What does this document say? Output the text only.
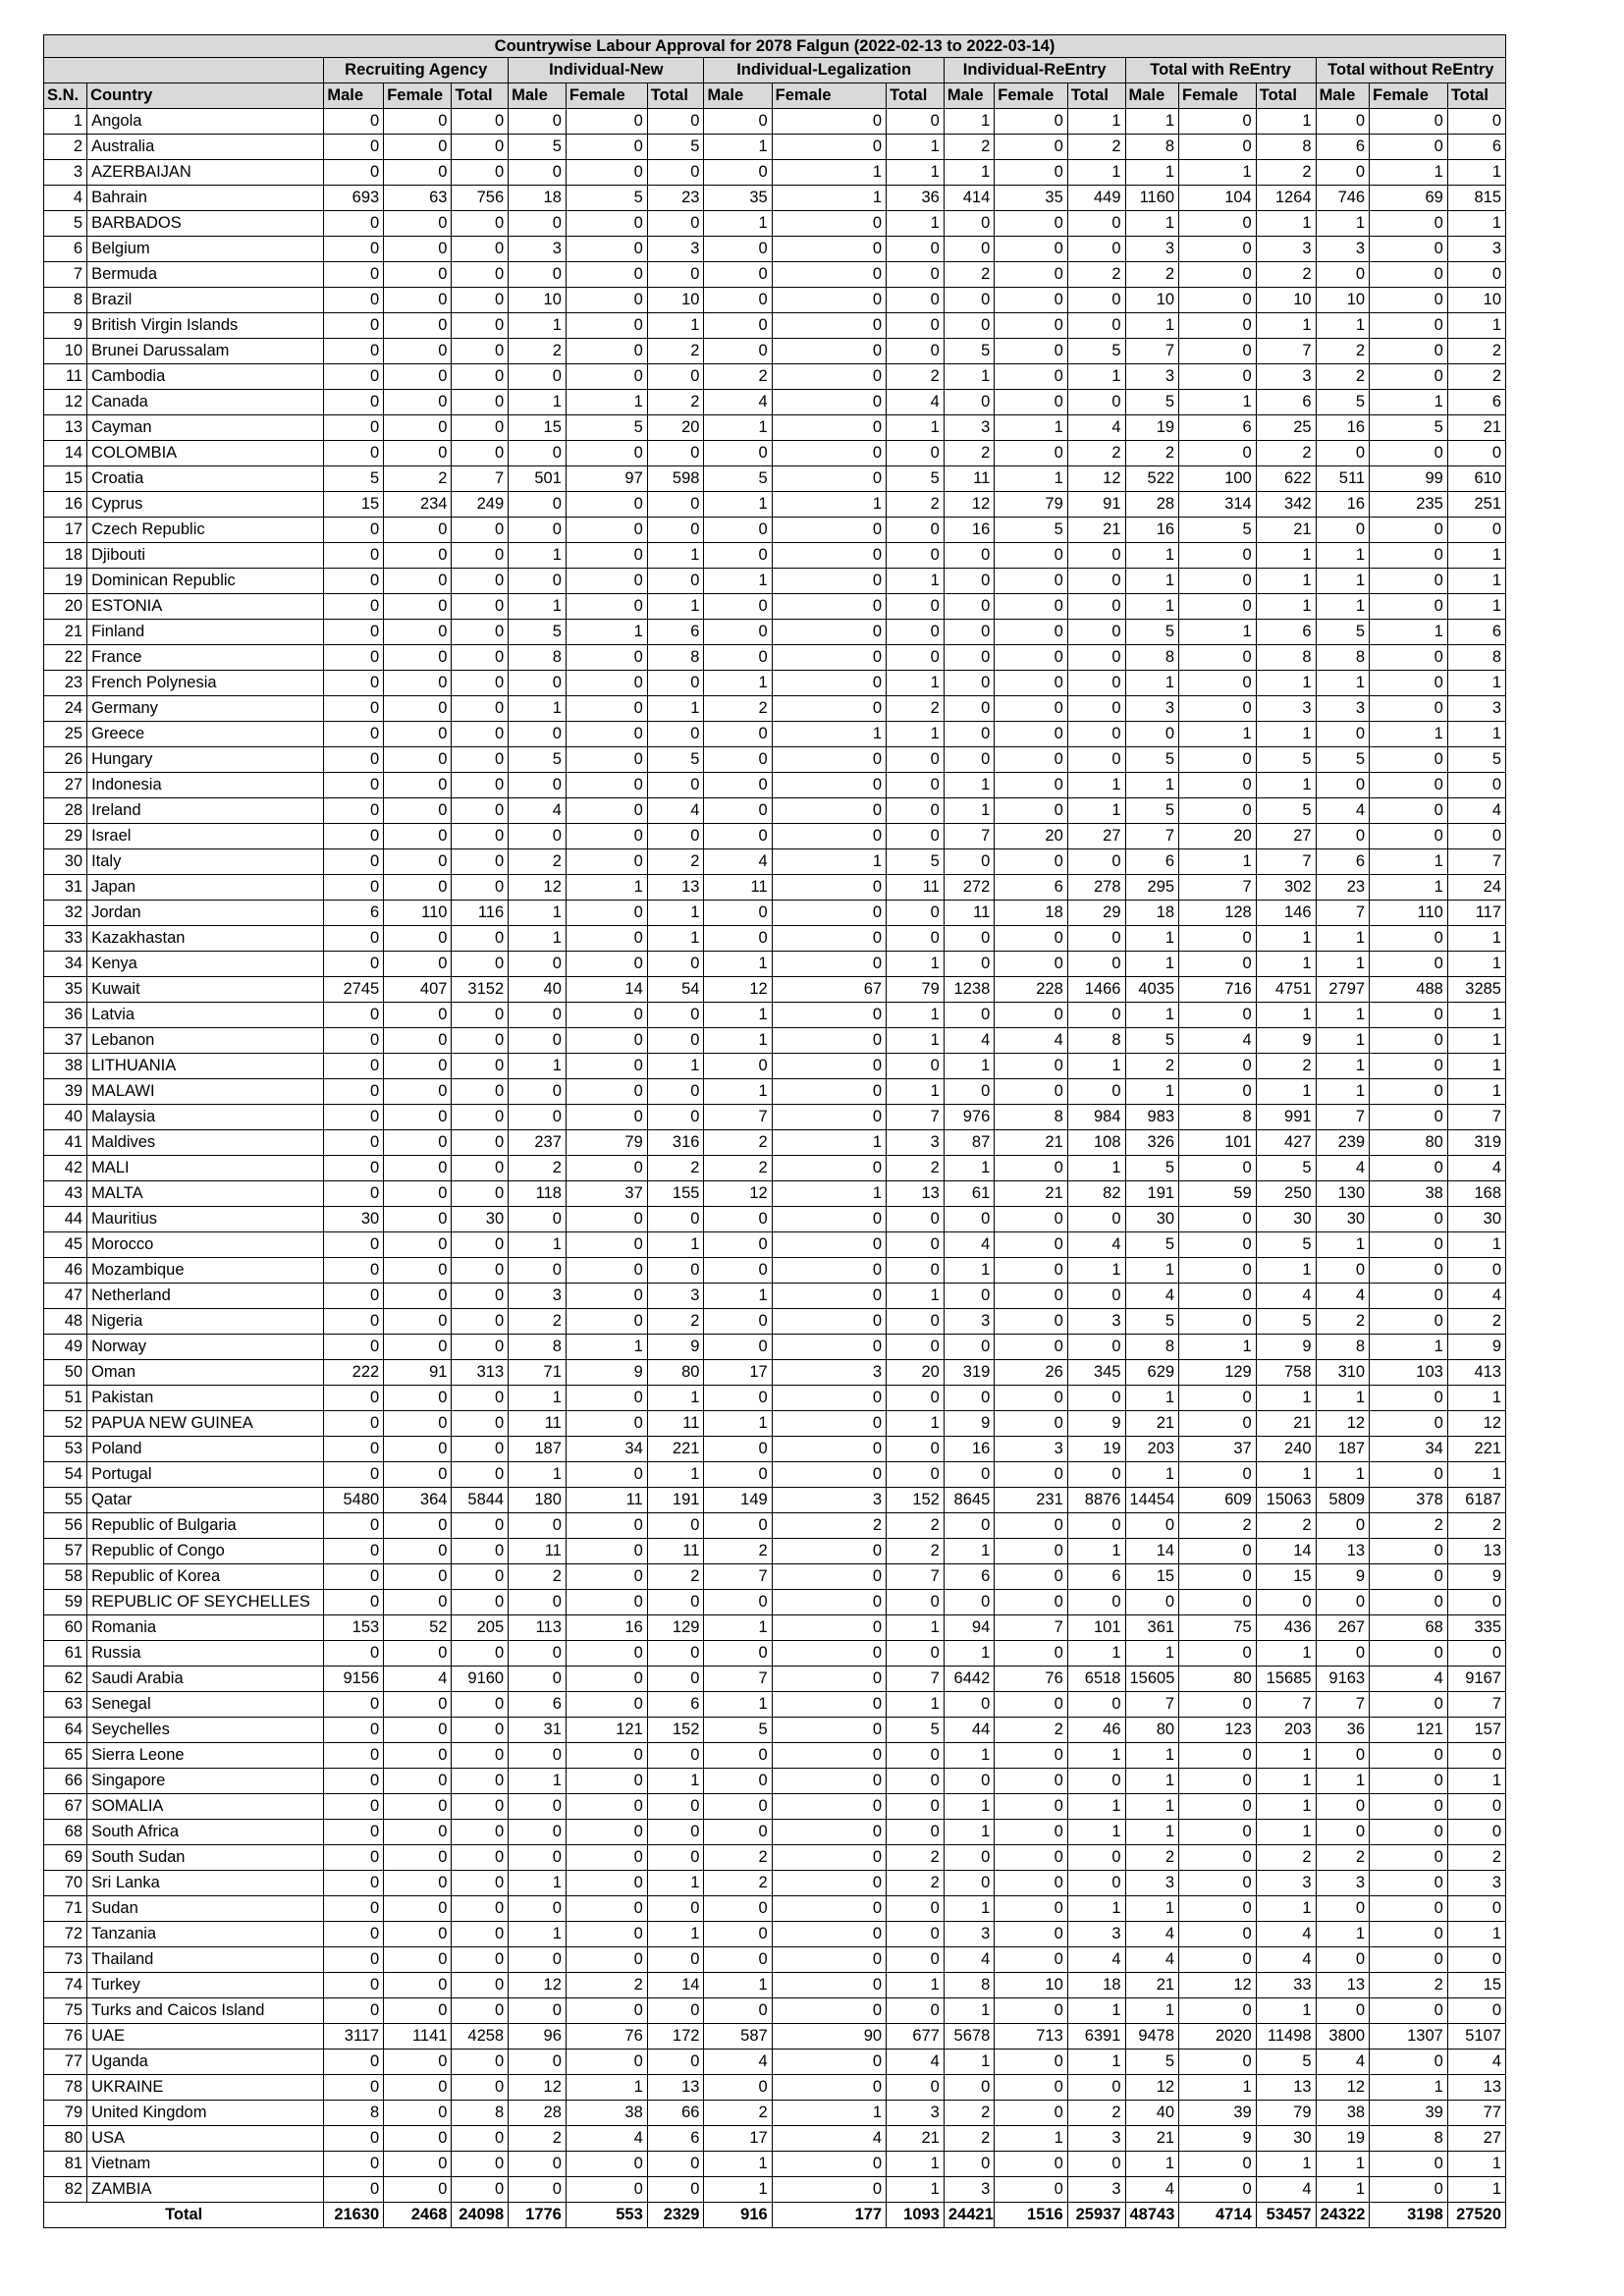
Countrywise Labour Approval for 2078 Falgun (2022-02-13 to 2022-03-14)																			
		Recruiting Agency			Individual-New			Individual-Legalization			Individual-ReEntry			Total with ReEntry			Total without ReEntry		
S.N.	Country	Male	Female	Total	Male	Female	Total	Male	Female	Total	Male	Female	Total	Male	Female	Total	Male	Female	Total
1	Angola	0	0	0	0	0	0	0	0	0	1	0	1	1	0	1	0	0	0
2	Australia	0	0	0	5	0	5	1	0	1	2	0	2	8	0	8	6	0	6
3	AZERBAIJAN	0	0	0	0	0	0	0	1	1	1	0	1	1	1	2	0	1	1
4	Bahrain	693	63	756	18	5	23	35	1	36	414	35	449	1160	104	1264	746	69	815
5	BARBADOS	0	0	0	0	0	0	1	0	1	0	0	0	1	0	1	1	0	1
6	Belgium	0	0	0	3	0	3	0	0	0	0	0	0	3	0	3	3	0	3
7	Bermuda	0	0	0	0	0	0	0	0	0	2	0	2	2	0	2	0	0	0
8	Brazil	0	0	0	10	0	10	0	0	0	0	0	0	10	0	10	10	0	10
9	British Virgin Islands	0	0	0	1	0	1	0	0	0	0	0	0	1	0	1	1	0	1
10	Brunei Darussalam	0	0	0	2	0	2	0	0	0	5	0	5	7	0	7	2	0	2
11	Cambodia	0	0	0	0	0	0	2	0	2	1	0	1	3	0	3	2	0	2
12	Canada	0	0	0	1	1	2	4	0	4	0	0	0	5	1	6	5	1	6
13	Cayman	0	0	0	15	5	20	1	0	1	3	1	4	19	6	25	16	5	21
14	COLOMBIA	0	0	0	0	0	0	0	0	0	2	0	2	2	0	2	0	0	0
15	Croatia	5	2	7	501	97	598	5	0	5	11	1	12	522	100	622	511	99	610
16	Cyprus	15	234	249	0	0	0	1	1	2	12	79	91	28	314	342	16	235	251
17	Czech Republic	0	0	0	0	0	0	0	0	0	16	5	21	16	5	21	0	0	0
18	Djibouti	0	0	0	1	0	1	0	0	0	0	0	0	1	0	1	1	0	1
19	Dominican Republic	0	0	0	0	0	0	1	0	1	0	0	0	1	0	1	1	0	1
20	ESTONIA	0	0	0	1	0	1	0	0	0	0	0	0	1	0	1	1	0	1
21	Finland	0	0	0	5	1	6	0	0	0	0	0	0	5	1	6	5	1	6
22	France	0	0	0	8	0	8	0	0	0	0	0	0	8	0	8	8	0	8
23	French Polynesia	0	0	0	0	0	0	1	0	1	0	0	0	1	0	1	1	0	1
24	Germany	0	0	0	1	0	1	2	0	2	0	0	0	3	0	3	3	0	3
25	Greece	0	0	0	0	0	0	0	1	1	0	0	0	0	1	1	0	1	1
26	Hungary	0	0	0	5	0	5	0	0	0	0	0	0	5	0	5	5	0	5
27	Indonesia	0	0	0	0	0	0	0	0	0	1	0	1	1	0	1	0	0	0
28	Ireland	0	0	0	4	0	4	0	0	0	1	0	1	5	0	5	4	0	4
29	Israel	0	0	0	0	0	0	0	0	0	7	20	27	7	20	27	0	0	0
30	Italy	0	0	0	2	0	2	4	1	5	0	0	0	6	1	7	6	1	7
31	Japan	0	0	0	12	1	13	11	0	11	272	6	278	295	7	302	23	1	24
32	Jordan	6	110	116	1	0	1	0	0	0	11	18	29	18	128	146	7	110	117
33	Kazakhastan	0	0	0	1	0	1	0	0	0	0	0	0	1	0	1	1	0	1
34	Kenya	0	0	0	0	0	0	1	0	1	0	0	0	1	0	1	1	0	1
35	Kuwait	2745	407	3152	40	14	54	12	67	79	1238	228	1466	4035	716	4751	2797	488	3285
36	Latvia	0	0	0	0	0	0	1	0	1	0	0	0	1	0	1	1	0	1
37	Lebanon	0	0	0	0	0	0	1	0	1	4	4	8	5	4	9	1	0	1
38	LITHUANIA	0	0	0	1	0	1	0	0	0	1	0	1	2	0	2	1	0	1
39	MALAWI	0	0	0	0	0	0	1	0	1	0	0	0	1	0	1	1	0	1
40	Malaysia	0	0	0	0	0	0	7	0	7	976	8	984	983	8	991	7	0	7
41	Maldives	0	0	0	237	79	316	2	1	3	87	21	108	326	101	427	239	80	319
42	MALI	0	0	0	2	0	2	2	0	2	1	0	1	5	0	5	4	0	4
43	MALTA	0	0	0	118	37	155	12	1	13	61	21	82	191	59	250	130	38	168
44	Mauritius	30	0	30	0	0	0	0	0	0	0	0	0	30	0	30	30	0	30
45	Morocco	0	0	0	1	0	1	0	0	0	4	0	4	5	0	5	1	0	1
46	Mozambique	0	0	0	0	0	0	0	0	0	1	0	1	1	0	1	0	0	0
47	Netherland	0	0	0	3	0	3	1	0	1	0	0	0	4	0	4	4	0	4
48	Nigeria	0	0	0	2	0	2	0	0	0	3	0	3	5	0	5	2	0	2
49	Norway	0	0	0	8	1	9	0	0	0	0	0	0	8	1	9	8	1	9
50	Oman	222	91	313	71	9	80	17	3	20	319	26	345	629	129	758	310	103	413
51	Pakistan	0	0	0	1	0	1	0	0	0	0	0	0	1	0	1	1	0	1
52	PAPUA NEW GUINEA	0	0	0	11	0	11	1	0	1	9	0	9	21	0	21	12	0	12
53	Poland	0	0	0	187	34	221	0	0	0	16	3	19	203	37	240	187	34	221
54	Portugal	0	0	0	1	0	1	0	0	0	0	0	0	1	0	1	1	0	1
55	Qatar	5480	364	5844	180	11	191	149	3	152	8645	231	8876	14454	609	15063	5809	378	6187
56	Republic of Bulgaria	0	0	0	0	0	0	0	2	2	0	0	0	0	2	2	0	2	2
57	Republic of Congo	0	0	0	11	0	11	2	0	2	1	0	1	14	0	14	13	0	13
58	Republic of Korea	0	0	0	2	0	2	7	0	7	6	0	6	15	0	15	9	0	9
59	REPUBLIC OF SEYCHELLES	0	0	0	0	0	0	0	0	0	0	0	0	0	0	0	0	0	0
60	Romania	153	52	205	113	16	129	1	0	1	94	7	101	361	75	436	267	68	335
61	Russia	0	0	0	0	0	0	0	0	0	1	0	1	1	0	1	0	0	0
62	Saudi Arabia	9156	4	9160	0	0	0	7	0	7	6442	76	6518	15605	80	15685	9163	4	9167
63	Senegal	0	0	0	6	0	6	1	0	1	0	0	0	7	0	7	7	0	7
64	Seychelles	0	0	0	31	121	152	5	0	5	44	2	46	80	123	203	36	121	157
65	Sierra Leone	0	0	0	0	0	0	0	0	0	1	0	1	1	0	1	0	0	0
66	Singapore	0	0	0	1	0	1	0	0	0	0	0	0	1	0	1	1	0	1
67	SOMALIA	0	0	0	0	0	0	0	0	0	1	0	1	1	0	1	0	0	0
68	South Africa	0	0	0	0	0	0	0	0	0	1	0	1	1	0	1	0	0	0
69	South Sudan	0	0	0	0	0	0	2	0	2	0	0	0	2	0	2	2	0	2
70	Sri Lanka	0	0	0	1	0	1	2	0	2	0	0	0	3	0	3	3	0	3
71	Sudan	0	0	0	0	0	0	0	0	0	1	0	1	1	0	1	0	0	0
72	Tanzania	0	0	0	1	0	1	0	0	0	3	0	3	4	0	4	1	0	1
73	Thailand	0	0	0	0	0	0	0	0	0	4	0	4	4	0	4	0	0	0
74	Turkey	0	0	0	12	2	14	1	0	1	8	10	18	21	12	33	13	2	15
75	Turks and Caicos Island	0	0	0	0	0	0	0	0	0	1	0	1	1	0	1	0	0	0
76	UAE	3117	1141	4258	96	76	172	587	90	677	5678	713	6391	9478	2020	11498	3800	1307	5107
77	Uganda	0	0	0	0	0	0	4	0	4	1	0	1	5	0	5	4	0	4
78	UKRAINE	0	0	0	12	1	13	0	0	0	0	0	0	12	1	13	12	1	13
79	United Kingdom	8	0	8	28	38	66	2	1	3	2	0	2	40	39	79	38	39	77
80	USA	0	0	0	2	4	6	17	4	21	2	1	3	21	9	30	19	8	27
81	Vietnam	0	0	0	0	0	0	1	0	1	0	0	0	1	0	1	1	0	1
82	ZAMBIA	0	0	0	0	0	0	1	0	1	3	0	3	4	0	4	1	0	1
Total		21630	2468	24098	1776	553	2329	916	177	1093	24421	1516	25937	48743	4714	53457	24322	3198	27520
